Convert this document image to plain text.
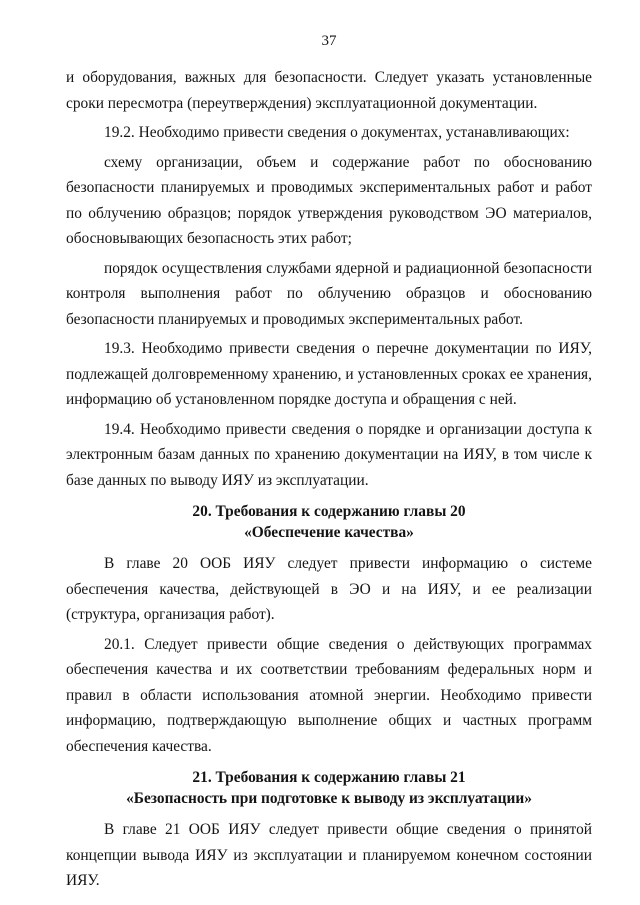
37

и оборудования, важных для безопасности. Следует указать установленные сроки пересмотра (переутверждения) эксплуатационной документации.

19.2. Необходимо привести сведения о документах, устанавливающих:

схему организации, объем и содержание работ по обоснованию безопасности планируемых и проводимых экспериментальных работ и работ по облучению образцов; порядок утверждения руководством ЭО материалов, обосновывающих безопасность этих работ;

порядок осуществления службами ядерной и радиационной безопасности контроля выполнения работ по облучению образцов и обоснованию безопасности планируемых и проводимых экспериментальных работ.

19.3. Необходимо привести сведения о перечне документации по ИЯУ, подлежащей долговременному хранению, и установленных сроках ее хранения, информацию об установленном порядке доступа и обращения с ней.

19.4. Необходимо привести сведения о порядке и организации доступа к электронным базам данных по хранению документации на ИЯУ, в том числе к базе данных по выводу ИЯУ из эксплуатации.

20. Требования к содержанию главы 20
«Обеспечение качества»

В главе 20 ООБ ИЯУ следует привести информацию о системе обеспечения качества, действующей в ЭО и на ИЯУ, и ее реализации (структура, организация работ).

20.1. Следует привести общие сведения о действующих программах обеспечения качества и их соответствии требованиям федеральных норм и правил в области использования атомной энергии. Необходимо привести информацию, подтверждающую выполнение общих и частных программ обеспечения качества.

21. Требования к содержанию главы 21
«Безопасность при подготовке к выводу из эксплуатации»

В главе 21 ООБ ИЯУ следует привести общие сведения о принятой концепции вывода ИЯУ из эксплуатации и планируемом конечном состоянии ИЯУ.
